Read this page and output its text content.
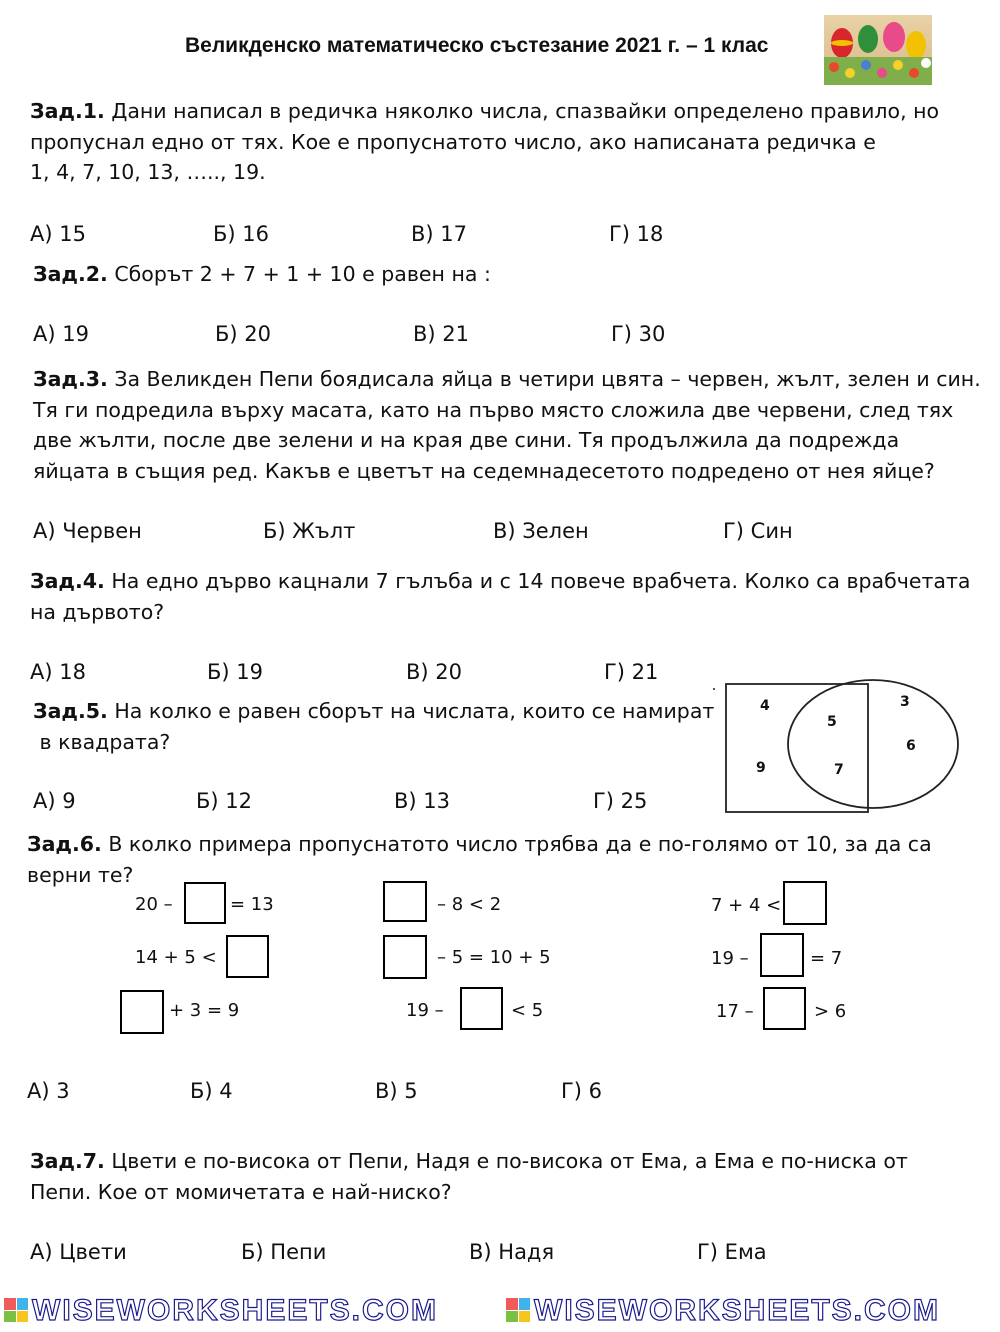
Великденско математическо състезание 2021 г. – 1 клас
Зад.1. Дани написал в редичка няколко числа, спазвайки определено правило, но
пропуснал едно от тях. Кое е пропуснатото число, ако написаната редичка е
1, 4, 7, 10, 13, ….., 19.
А) 15	Б) 16	В) 17	Г) 18
Зад.2. Сборът 2 + 7 + 1 + 10 е равен на :
А) 19	Б) 20	В) 21	Г) 30
Зад.3. За Великден Пепи боядисала яйца в четири цвята – червен, жълт, зелен и син.
Тя ги подредила върху масата, като на първо място сложила две червени, след тях
две жълти, после две зелени и на края две сини. Тя продължила да подрежда
яйцата в същия ред. Какъв е цветът на седемнадесетото подредено от нея яйце?
А) Червен	Б) Жълт	В) Зелен	Г) Син
Зад.4. На едно дърво кацнали 7 гълъба и с 14 повече врабчета. Колко са врабчетата
на дървото?
А) 18	Б) 19	В) 20	Г) 21
Зад.5. На колко е равен сборът на числата, които се намират
в квадрата?
А) 9	Б) 12	В) 13	Г) 25
4
9
5
7
3
6
Зад.6. В колко примера пропуснатото число трябва да е по-голямо от 10, за да са
верни те?
20 –	= 13
14 + 5 <
+ 3 = 9
– 8 < 2
– 5 = 10 + 5
19 –	< 5
7 + 4 <
19 –	= 7
17 –	> 6
А) 3	Б) 4	В) 5	Г) 6
Зад.7. Цвети е по-висока от Пепи, Надя е по-висока от Ема, а Ема е по-ниска от
Пепи. Кое от момичетата е най-ниско?
А) Цвети	Б) Пепи	В) Надя	Г) Ема
WISEWORKSHEETS.COM	WISEWORKSHEETS.COM
